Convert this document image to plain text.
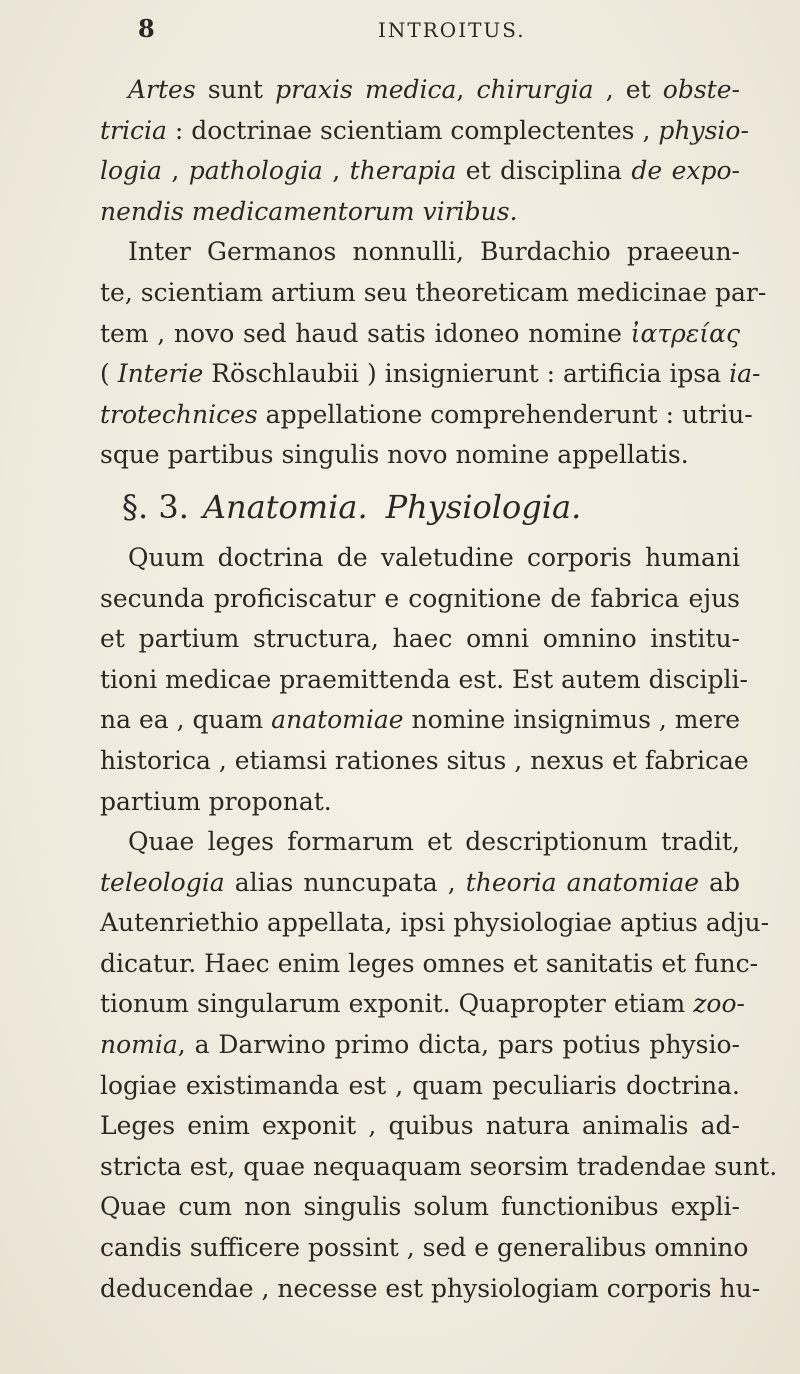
8	INTROITUS.
Artes sunt praxis medica, chirurgia , et obste-
tricia : doctrinae scientiam complectentes , physio-
logia , pathologia , therapia et disciplina de expo-
nendis medicamentorum viribus.
Inter Germanos nonnulli, Burdachio praeeun-
te, scientiam artium seu theoreticam medicinae par-
tem , novo sed haud satis idoneo nomine ἰατρείας
( Interie Röschlaubii ) insignierunt : artificia ipsa ia-
trotechnices appellatione comprehenderunt : utriu-
sque partibus singulis novo nomine appellatis.
§. 3. Anatomia. Physiologia.
Quum doctrina de valetudine corporis humani
secunda proficiscatur e cognitione de fabrica ejus
et partium structura, haec omni omnino institu-
tioni medicae praemittenda est. Est autem discipli-
na ea , quam anatomiae nomine insignimus , mere
historica , etiamsi rationes situs , nexus et fabricae
partium proponat.
Quae leges formarum et descriptionum tradit,
teleologia alias nuncupata , theoria anatomiae ab
Autenriethio appellata, ipsi physiologiae aptius adju-
dicatur. Haec enim leges omnes et sanitatis et func-
tionum singularum exponit. Quapropter etiam zoo-
nomia, a Darwino primo dicta, pars potius physio-
logiae existimanda est , quam peculiaris doctrina.
Leges enim exponit , quibus natura animalis ad-
stricta est, quae nequaquam seorsim tradendae sunt.
Quae cum non singulis solum functionibus expli-
candis sufficere possint , sed e generalibus omnino
deducendae , necesse est physiologiam corporis hu-
